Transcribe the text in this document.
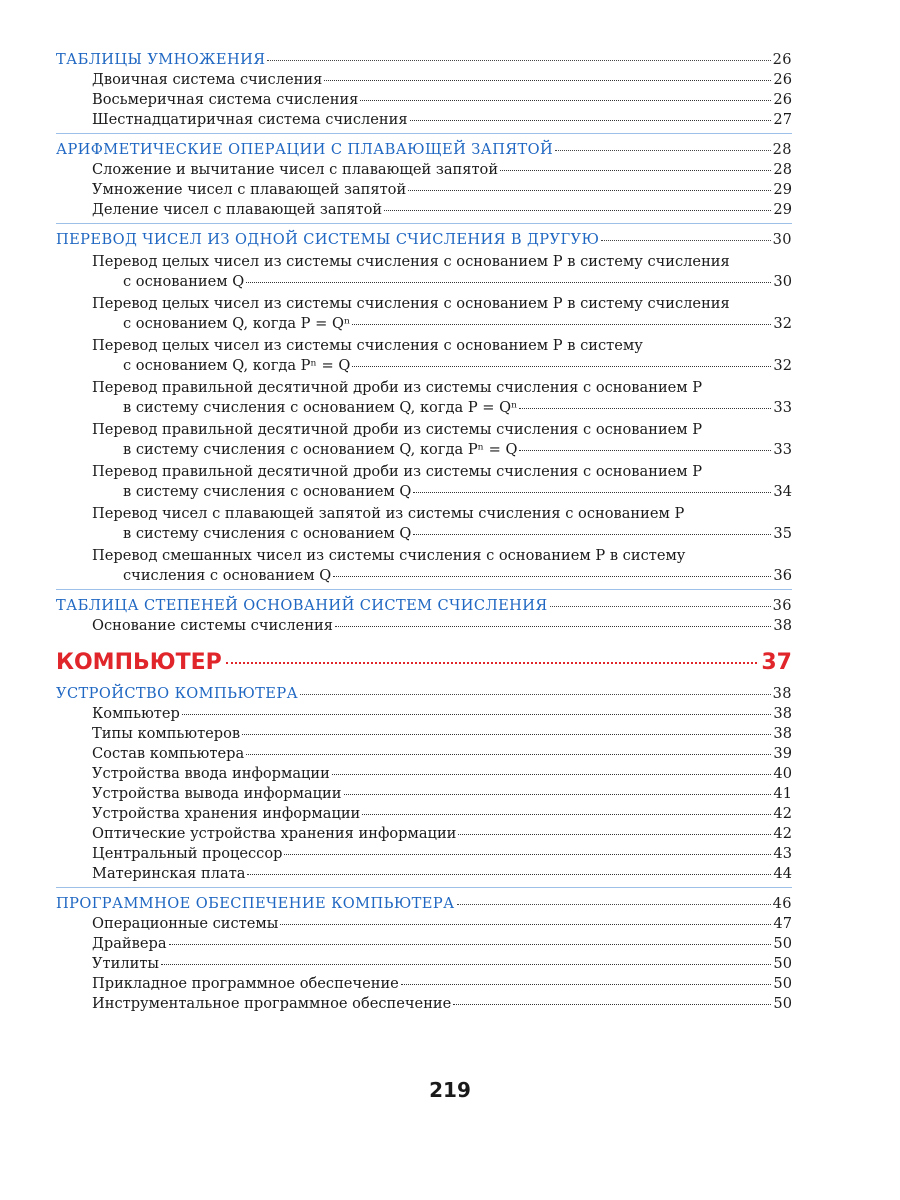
ТАБЛИЦЫ УМНОЖЕНИЯ	26
Двоичная система счисления	26
Восьмеричная система счисления	26
Шестнадцатиричная система счисления	27
АРИФМЕТИЧЕСКИЕ ОПЕРАЦИИ С ПЛАВАЮЩЕЙ ЗАПЯТОЙ	28
Сложение и вычитание чисел с плавающей запятой	28
Умножение чисел с плавающей запятой	29
Деление чисел с плавающей запятой	29
ПЕРЕВОД ЧИСЕЛ ИЗ ОДНОЙ СИСТЕМЫ СЧИСЛЕНИЯ В ДРУГУЮ	30
Перевод целых чисел из системы счисления с основанием P в систему счисления
с основанием Q	30
Перевод целых чисел из системы счисления с основанием P в систему счисления
с основанием Q, когда P = Qⁿ	32
Перевод целых чисел из системы счисления с основанием P в систему
с основанием Q, когда Pⁿ = Q	32
Перевод правильной десятичной дроби из системы счисления с основанием P
в систему счисления с основанием Q, когда P = Qⁿ	33
Перевод правильной десятичной дроби из системы счисления с основанием P
в систему счисления с основанием Q, когда Pⁿ = Q	33
Перевод правильной десятичной дроби из системы счисления с основанием P
в систему счисления с основанием Q	34
Перевод чисел с плавающей запятой из системы счисления с основанием P
в систему счисления с основанием Q	35
Перевод смешанных чисел из системы счисления с основанием P в систему
счисления с основанием Q	36
ТАБЛИЦА СТЕПЕНЕЙ ОСНОВАНИЙ СИСТЕМ СЧИСЛЕНИЯ	36
Основание системы счисления	38
КОМПЬЮТЕР	37
УСТРОЙСТВО КОМПЬЮТЕРА	38
Компьютер	38
Типы компьютеров	38
Состав компьютера	39
Устройства ввода информации	40
Устройства вывода информации	41
Устройства хранения информации	42
Оптические устройства хранения информации	42
Центральный процессор	43
Материнская плата	44
ПРОГРАММНОЕ ОБЕСПЕЧЕНИЕ КОМПЬЮТЕРА	46
Операционные системы	47
Драйвера	50
Утилиты	50
Прикладное программное обеспечение	50
Инструментальное программное обеспечение	50
219
